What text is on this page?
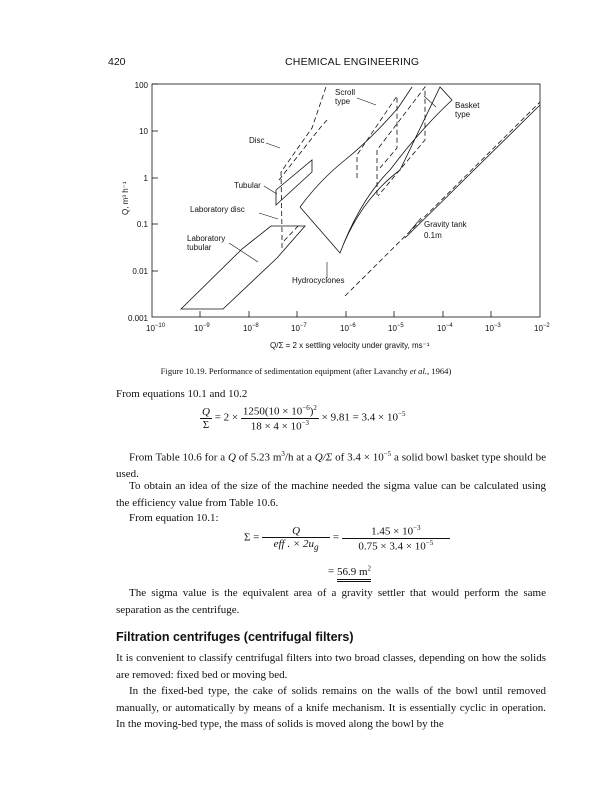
420	CHEMICAL ENGINEERING
100
10
1
0.1
0.01
0.001
$10^{-10}$	$10^{-9}$	$10^{-8}$	$10^{-7}$	$10^{-6}$	$10^{-5}$	$10^{-4}$	$10^{-3}$	$10^{-2}$
Q, m³ h⁻¹
Q/Σ = 2 x settling velocity under gravity, ms⁻¹
Scroll
type	Basket
type
Disc
Tubular
Laboratory disc
Laboratory
tubular
Gravity tank
0.1m
Hydrocyclones
Figure 10.19. Performance of sedimentation equipment (after Lavanchy et al., 1964)
From equations 10.1 and 10.2
$\frac{Q}{\Sigma} = 2 \times \frac{1250(10 \times 10^{-6})^2}{18 \times 4 \times 10^{-3}} \times 9.81 = 3.4 \times 10^{-5}$
From Table 10.6 for a Q of 5.23 $m^3/h$ at a Q/Σ of $3.4 \times 10^{-5}$ a solid bowl basket type should be used.
To obtain an idea of the size of the machine needed the sigma value can be calculated using the efficiency value from Table 10.6.
From equation 10.1:
$\Sigma = \frac{Q}{eff . \times 2u_g} = \frac{1.45 \times 10^{-3}}{0.75 \times 3.4 \times 10^{-5}}$
= 56.9 $m^2$
The sigma value is the equivalent area of a gravity settler that would perform the same separation as the centrifuge.
Filtration centrifuges (centrifugal filters)
It is convenient to classify centrifugal filters into two broad classes, depending on how the solids are removed: fixed bed or moving bed.
In the fixed-bed type, the cake of solids remains on the walls of the bowl until removed manually, or automatically by means of a knife mechanism. It is essentially cyclic in operation. In the moving-bed type, the mass of solids is moved along the bowl by the
